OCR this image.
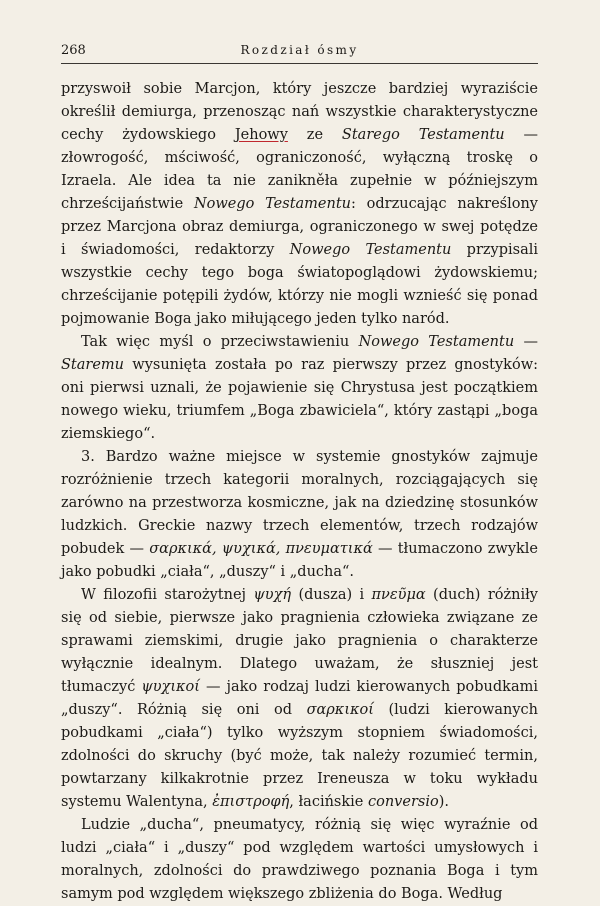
268	Rozdział ósmy

przyswoił sobie Marcjon, który jeszcze bardziej wyraziście określił demiurga, przenosząc nań wszystkie charakterystyczne cechy żydowskiego Jehowy ze Starego Testamentu — złowrogość, mściwość, ograniczoność, wyłączną troskę o Izraela. Ale idea ta nie zanikněła zupełnie w późniejszym chrześcijaństwie Nowego Testamentu: odrzucając nakreślony przez Marcjona obraz demiurga, ograniczonego w swej potędze i świadomości, redaktorzy Nowego Testamentu przypisali wszystkie cechy tego boga światopoglądowi żydowskiemu; chrześcijanie potępili żydów, którzy nie mogli wznieść się ponad pojmowanie Boga jako miłującego jeden tylko naród.

Tak więc myśl o przeciwstawieniu Nowego Testamentu — Staremu wysunięta została po raz pierwszy przez gnostyków: oni pierwsi uznali, że pojawienie się Chrystusa jest początkiem nowego wieku, triumfem „Boga zbawiciela“, który zastąpi „boga ziemskiego“.

3. Bardzo ważne miejsce w systemie gnostyków zajmuje rozróżnienie trzech kategorii moralnych, rozciągających się zarówno na przestworza kosmiczne, jak na dziedzinę stosunków ludzkich. Greckie nazwy trzech elementów, trzech rodzajów pobudek — σαρκικά, ψυχικά, πνευματικά — tłumaczono zwykle jako pobudki „ciała“, „duszy“ i „ducha“.

W filozofii starożytnej ψυχή (dusza) i πνεῦμα (duch) różniły się od siebie, pierwsze jako pragnienia człowieka związane ze sprawami ziemskimi, drugie jako pragnienia o charakterze wyłącznie idealnym. Dlatego uważam, że słuszniej jest tłumaczyć ψυχικοί — jako rodzaj ludzi kierowanych pobudkami „duszy“. Różnią się oni od σαρκικοί (ludzi kierowanych pobudkami „ciała“) tylko wyższym stopniem świadomości, zdolności do skruchy (być może, tak należy rozumieć termin, powtarzany kilkakrotnie przez Ireneusza w toku wykładu systemu Walentyna, ἐπιστροφή, łacińskie conversio).

Ludzie „ducha“, pneumatycy, różnią się więc wyraźnie od ludzi „ciała“ i „duszy“ pod względem wartości umysłowych i moralnych, zdolności do prawdziwego poznania Boga i tym samym pod względem większego zbliżenia do Boga. Według
